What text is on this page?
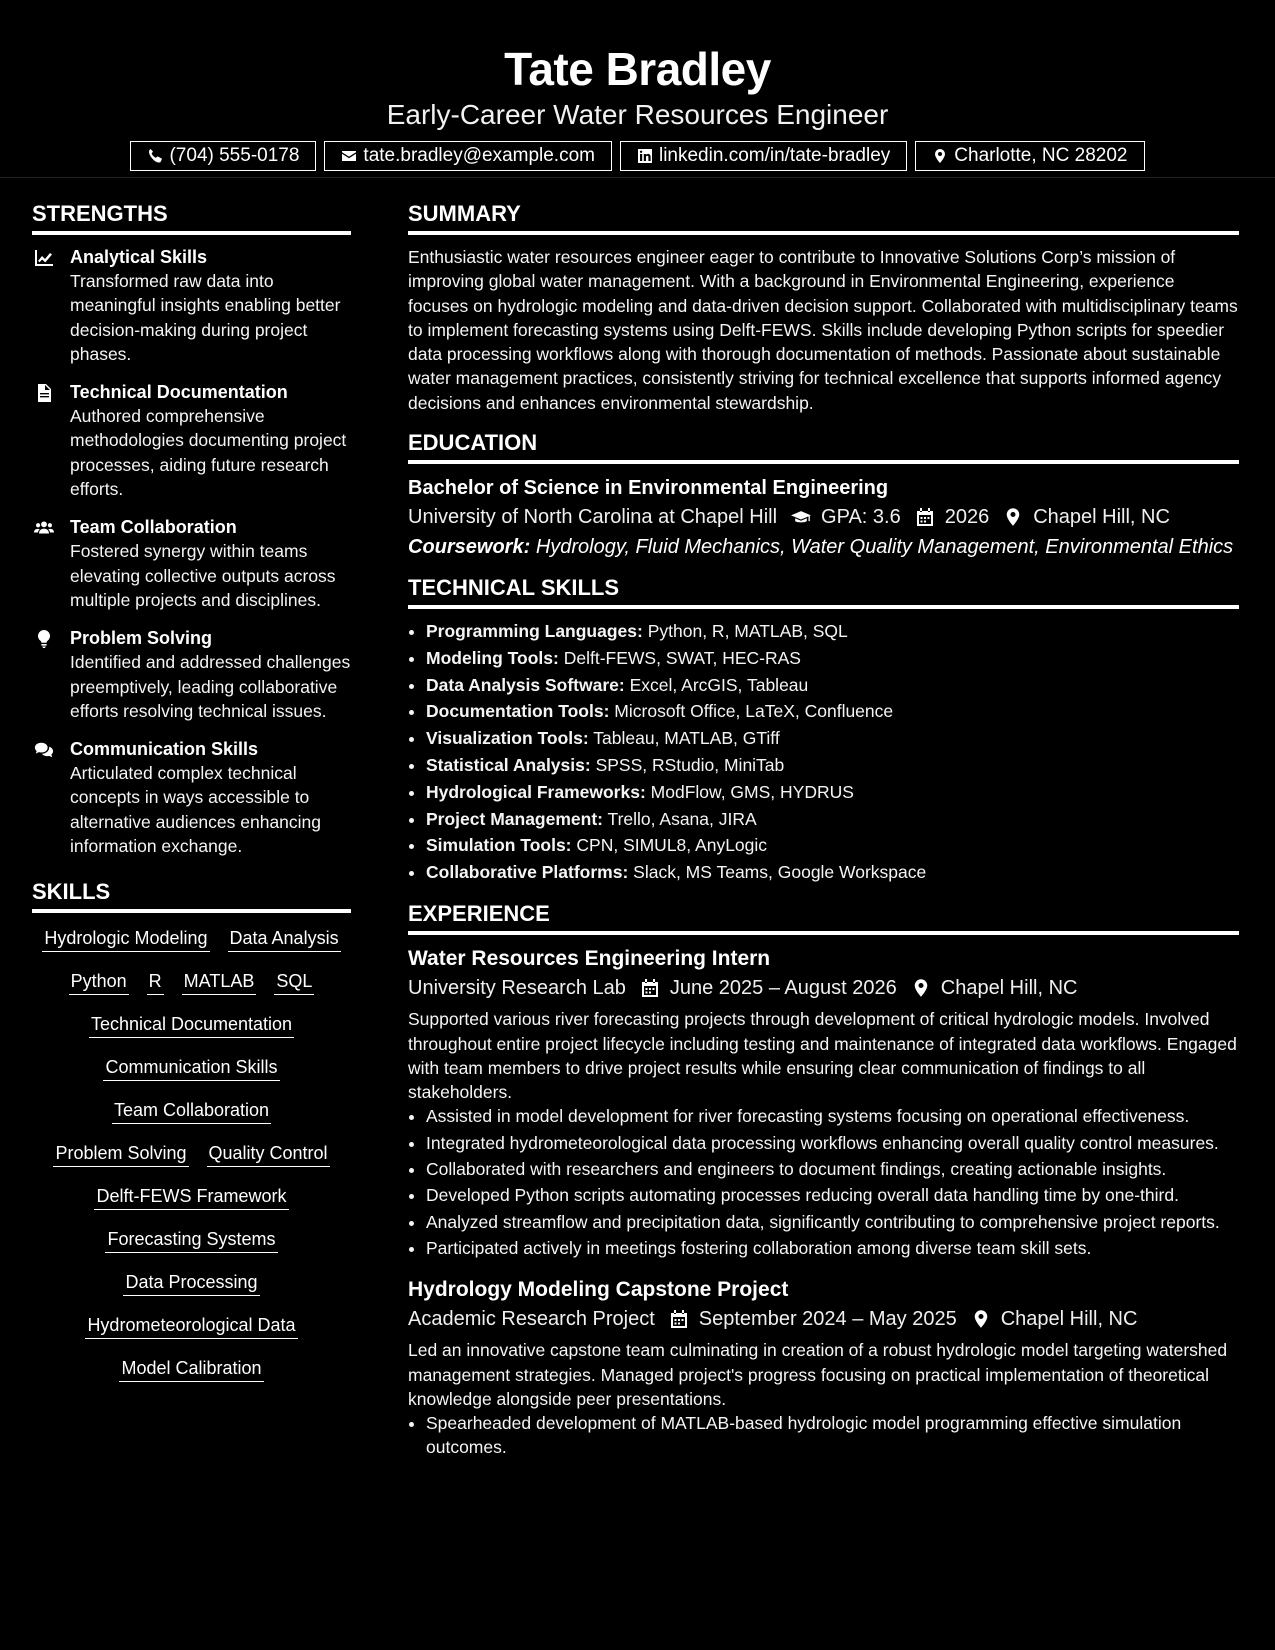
Tate Bradley
Early-Career Water Resources Engineer
(704) 555-0178	tate.bradley@example.com	linkedin.com/in/tate-bradley	Charlotte, NC 28202
STRENGTHS
Analytical Skills
Transformed raw data into meaningful insights enabling better decision-making during project phases.
Technical Documentation
Authored comprehensive methodologies documenting project processes, aiding future research efforts.
Team Collaboration
Fostered synergy within teams elevating collective outputs across multiple projects and disciplines.
Problem Solving
Identified and addressed challenges preemptively, leading collaborative efforts resolving technical issues.
Communication Skills
Articulated complex technical concepts in ways accessible to alternative audiences enhancing information exchange.
SKILLS
Hydrologic Modeling Data Analysis
Python R MATLAB SQL
Technical Documentation
Communication Skills
Team Collaboration
Problem Solving Quality Control
Delft-FEWS Framework
Forecasting Systems
Data Processing
Hydrometeorological Data
Model Calibration
SUMMARY
Enthusiastic water resources engineer eager to contribute to Innovative Solutions Corp’s mission of improving global water management. With a background in Environmental Engineering, experience focuses on hydrologic modeling and data-driven decision support. Collaborated with multidisciplinary teams to implement forecasting systems using Delft-FEWS. Skills include developing Python scripts for speedier data processing workflows along with thorough documentation of methods. Passionate about sustainable water management practices, consistently striving for technical excellence that supports informed agency decisions and enhances environmental stewardship.
EDUCATION
Bachelor of Science in Environmental Engineering
University of North Carolina at Chapel Hill GPA: 3.6 2026 Chapel Hill, NC
Coursework: Hydrology, Fluid Mechanics, Water Quality Management, Environmental Ethics
TECHNICAL SKILLS
• Programming Languages: Python, R, MATLAB, SQL
• Modeling Tools: Delft-FEWS, SWAT, HEC-RAS
• Data Analysis Software: Excel, ArcGIS, Tableau
• Documentation Tools: Microsoft Office, LaTeX, Confluence
• Visualization Tools: Tableau, MATLAB, GTiff
• Statistical Analysis: SPSS, RStudio, MiniTab
• Hydrological Frameworks: ModFlow, GMS, HYDRUS
• Project Management: Trello, Asana, JIRA
• Simulation Tools: CPN, SIMUL8, AnyLogic
• Collaborative Platforms: Slack, MS Teams, Google Workspace
EXPERIENCE
Water Resources Engineering Intern
University Research Lab June 2025 – August 2026 Chapel Hill, NC
Supported various river forecasting projects through development of critical hydrologic models. Involved throughout entire project lifecycle including testing and maintenance of integrated data workflows. Engaged with team members to drive project results while ensuring clear communication of findings to all stakeholders.
• Assisted in model development for river forecasting systems focusing on operational effectiveness.
• Integrated hydrometeorological data processing workflows enhancing overall quality control measures.
• Collaborated with researchers and engineers to document findings, creating actionable insights.
• Developed Python scripts automating processes reducing overall data handling time by one-third.
• Analyzed streamflow and precipitation data, significantly contributing to comprehensive project reports.
• Participated actively in meetings fostering collaboration among diverse team skill sets.
Hydrology Modeling Capstone Project
Academic Research Project September 2024 – May 2025 Chapel Hill, NC
Led an innovative capstone team culminating in creation of a robust hydrologic model targeting watershed management strategies. Managed project's progress focusing on practical implementation of theoretical knowledge alongside peer presentations.
• Spearheaded development of MATLAB-based hydrologic model programming effective simulation outcomes.
